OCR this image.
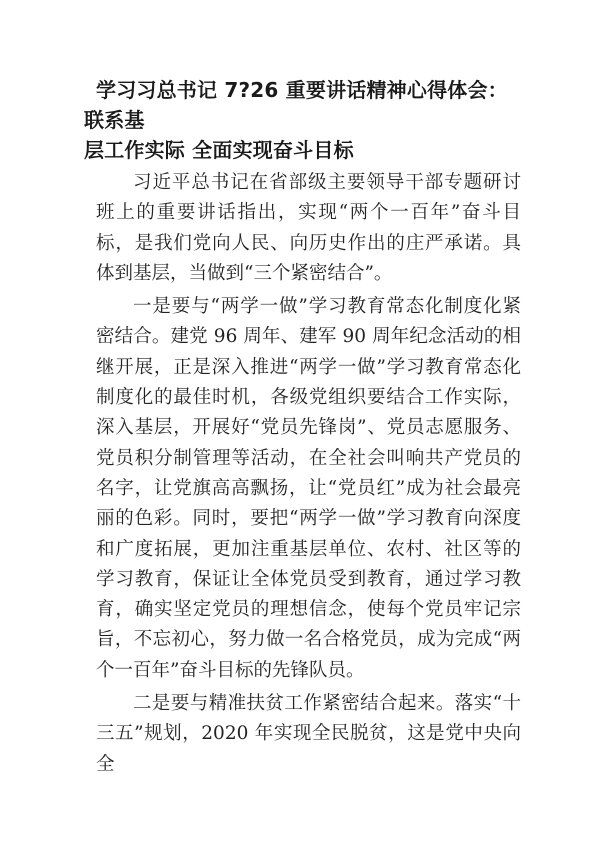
学习习总书记 7?26 重要讲话精神心得体会：联系基
层工作实际 全面实现奋斗目标

习近平总书记在省部级主要领导干部专题研讨班上的重要讲话指出，实现“两个一百年”奋斗目标，是我们党向人民、向历史作出的庄严承诺。具体到基层，当做到“三个紧密结合”。

一是要与“两学一做”学习教育常态化制度化紧密结合。建党 96 周年、建军 90 周年纪念活动的相继开展，正是深入推进“两学一做”学习教育常态化制度化的最佳时机，各级党组织要结合工作实际，深入基层，开展好“党员先锋岗”、党员志愿服务、党员积分制管理等活动，在全社会叫响共产党员的名字，让党旗高高飘扬，让“党员红”成为社会最亮丽的色彩。同时，要把“两学一做”学习教育向深度和广度拓展，更加注重基层单位、农村、社区等的学习教育，保证让全体党员受到教育，通过学习教育，确实坚定党员的理想信念，使每个党员牢记宗旨，不忘初心，努力做一名合格党员，成为完成“两个一百年”奋斗目标的先锋队员。

二是要与精准扶贫工作紧密结合起来。落实“十三五”规划，2020 年实现全民脱贫，这是党中央向全
